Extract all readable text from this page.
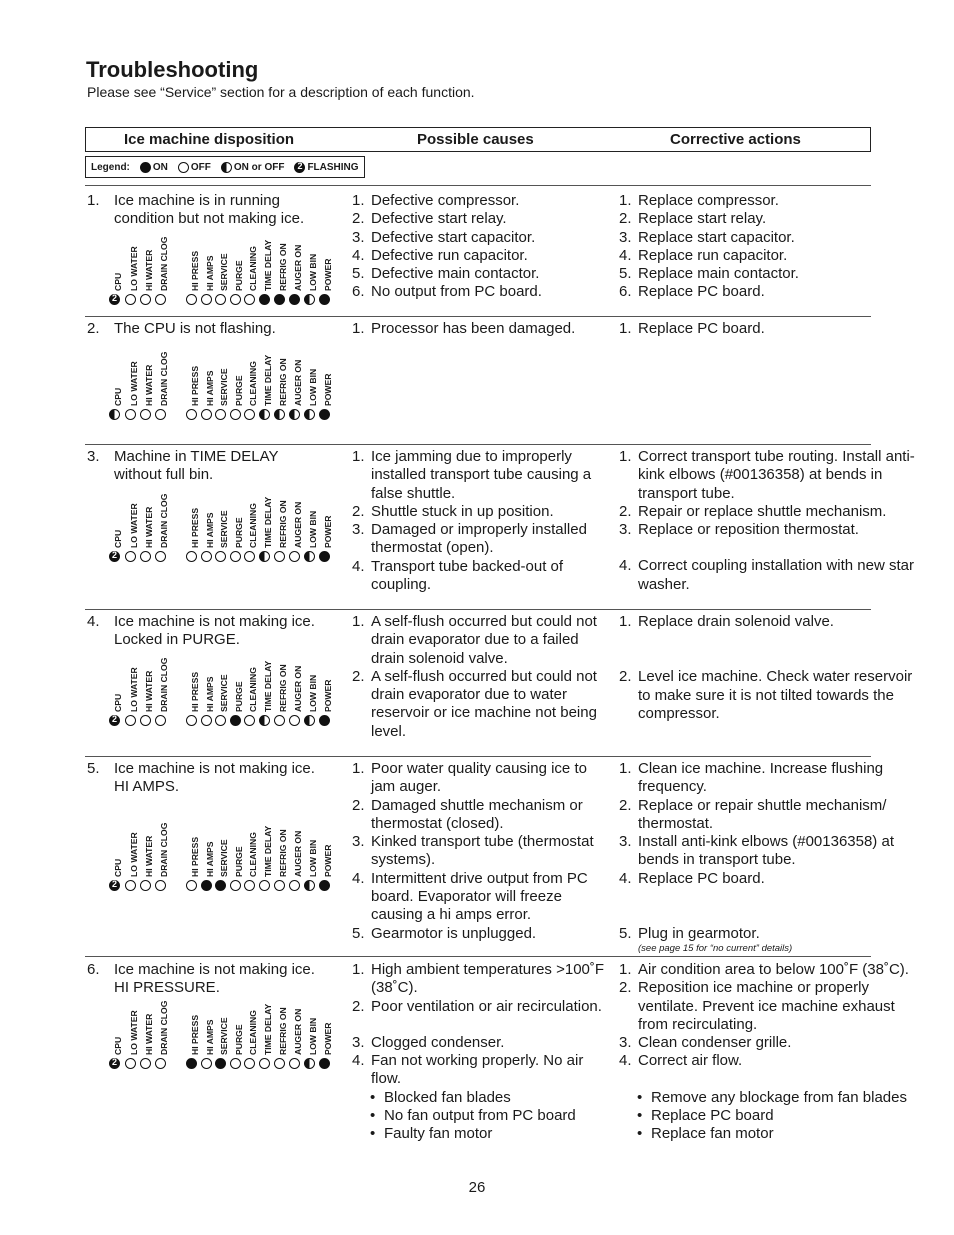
Troubleshooting
Please see “Service” section for a description of each function.
Ice machine disposition	Possible causes	Corrective actions
Legend: ON OFF ON or OFF
2 FLASHING
1. Ice machine is in running
condition but not making ice.
1. Defective compressor.
2. Defective start relay.
3. Defective start capacitor.
4. Defective run capacitor.
5. Defective main contactor.
6. No output from PC board.
1. Replace compressor.
2. Replace start relay.
3. Replace start capacitor.
4. Replace run capacitor.
5. Replace main contactor.
6. Replace PC board.
CPU
2 LO WATER HI WATER DRAIN CLOG HI PRESS HI AMPS SERVICE PURGE CLEANING TIME DELAY REFRIG ON AUGER ON LOW BIN POWER
2. The CPU is not flashing.	1. Processor has been damaged.	1. Replace PC board.
CPU LO WATER HI WATER DRAIN CLOG HI PRESS HI AMPS SERVICE PURGE CLEANING TIME DELAY REFRIG ON AUGER ON LOW BIN POWER
3. Machine in TIME DELAY
without full bin.
1. Ice jamming due to improperly installed transport tube causing a false shuttle.
2. Shuttle stuck in up position.
3. Damaged or improperly installed thermostat (open).
4. Transport tube backed-out of coupling.
1. Correct transport tube routing. Install anti-kink elbows (#00136358) at bends in transport tube.
2. Repair or replace shuttle mechanism.
3. Replace or reposition thermostat.
4. Correct coupling installation with new star washer.
CPU
2 LO WATER HI WATER DRAIN CLOG HI PRESS HI AMPS SERVICE PURGE CLEANING TIME DELAY REFRIG ON AUGER ON LOW BIN POWER
4. Ice machine is not making ice.
Locked in PURGE.
1. A self-flush occurred but could not drain evaporator due to a failed drain solenoid valve.
2. A self-flush occurred but could not drain evaporator due to water reservoir or ice machine not being level.
1. Replace drain solenoid valve.
2. Level ice machine. Check water reservoir to make sure it is not tilted towards the compressor.
CPU
2 LO WATER HI WATER DRAIN CLOG HI PRESS HI AMPS SERVICE PURGE CLEANING TIME DELAY REFRIG ON AUGER ON LOW BIN POWER
5. Ice machine is not making ice.
HI AMPS.
1. Poor water quality causing ice to jam auger.
2. Damaged shuttle mechanism or thermostat (closed).
3. Kinked transport tube (thermostat systems).
4. Intermittent drive output from PC board. Evaporator will freeze causing a hi amps error.
5. Gearmotor is unplugged.
1. Clean ice machine. Increase flushing frequency.
2. Replace or repair shuttle mechanism/ thermostat.
3. Install anti-kink elbows (#00136358) at bends in transport tube.
4. Replace PC board.
5. Plug in gearmotor.
(see page 15 for “no current” details)
CPU
2 LO WATER HI WATER DRAIN CLOG HI PRESS HI AMPS SERVICE PURGE CLEANING TIME DELAY REFRIG ON AUGER ON LOW BIN POWER
6. Ice machine is not making ice.
HI PRESSURE.
1. High ambient temperatures >100˚F (38˚C).
2. Poor ventilation or air recirculation.
3. Clogged condenser.
4. Fan not working properly. No air flow.
• Blocked fan blades
• No fan output from PC board
• Faulty fan motor
1. Air condition area to below 100˚F (38˚C).
2. Reposition ice machine or properly ventilate. Prevent ice machine exhaust from recirculating.
3. Clean condenser grille.
4. Correct air flow.
• Remove any blockage from fan blades
• Replace PC board
• Replace fan motor
CPU
2 LO WATER HI WATER DRAIN CLOG HI PRESS HI AMPS SERVICE PURGE CLEANING TIME DELAY REFRIG ON AUGER ON LOW BIN POWER
26
